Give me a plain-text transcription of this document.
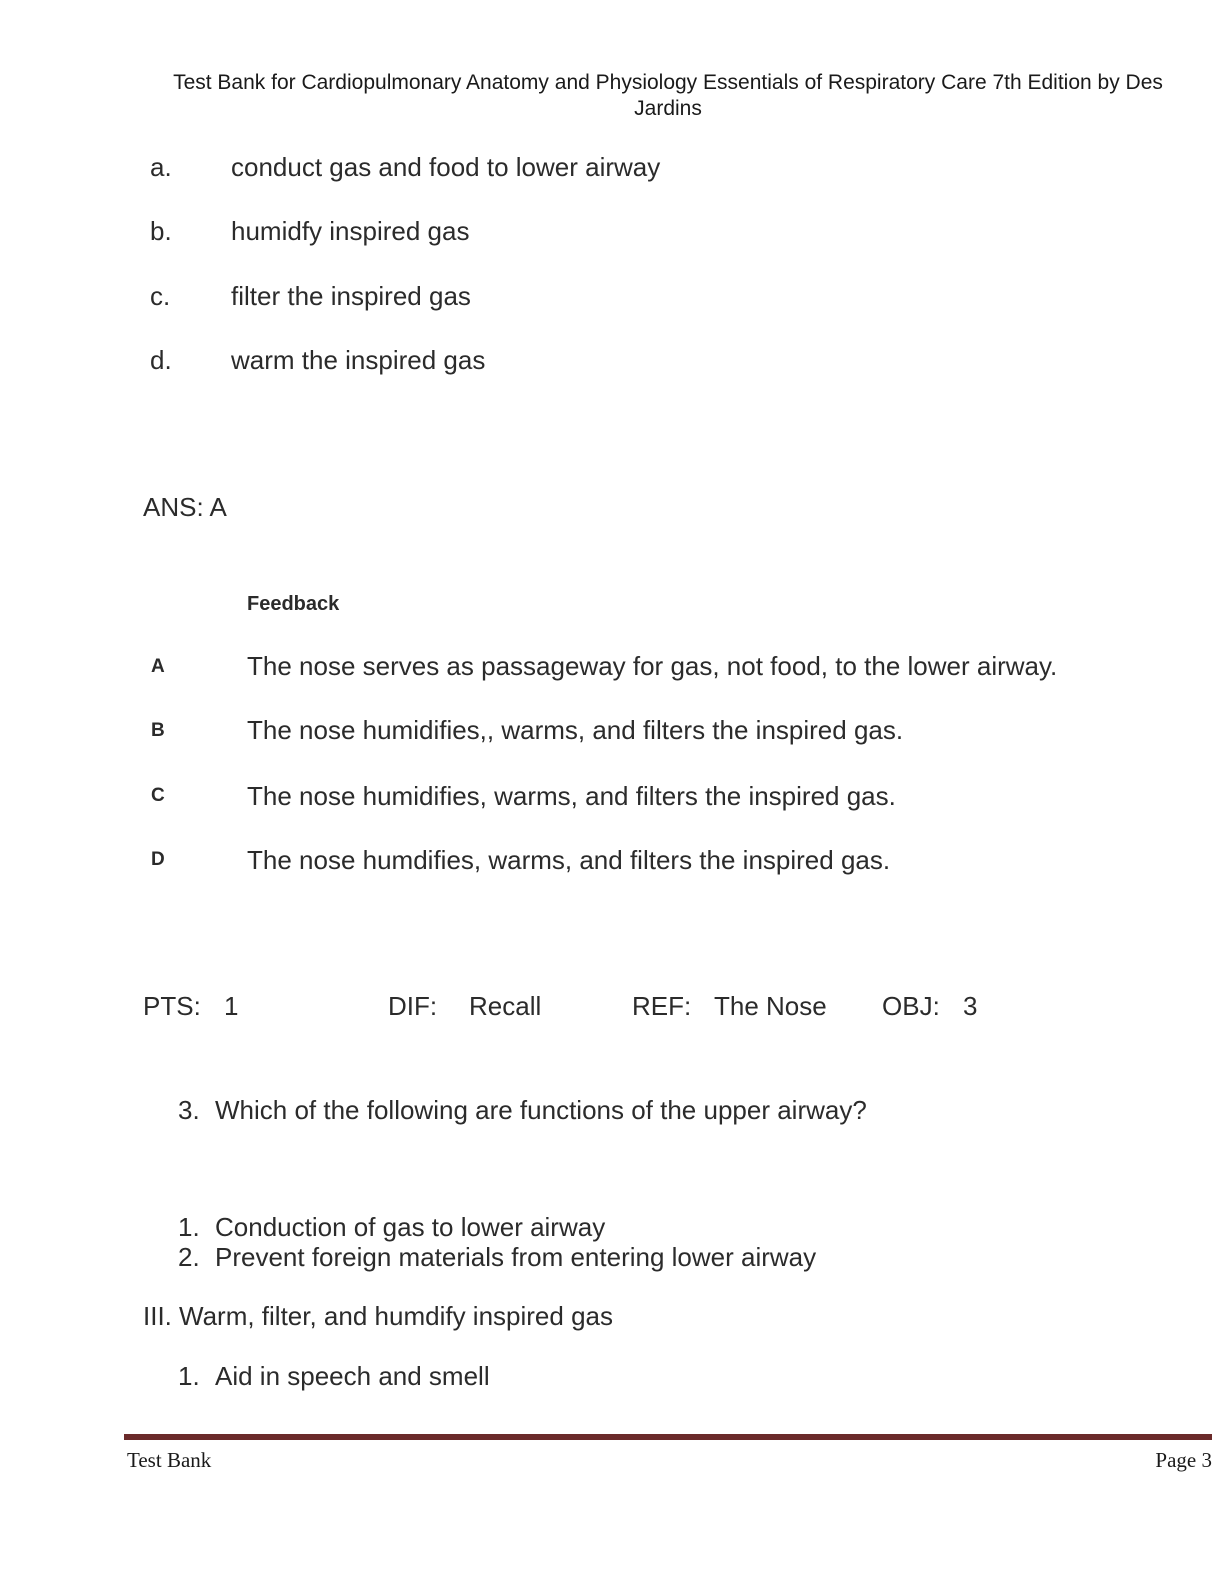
Test Bank for Cardiopulmonary Anatomy and Physiology Essentials of Respiratory Care 7th Edition by Des
Jardins
a. conduct gas and food to lower airway
b. humidfy inspired gas
c. filter the inspired gas
d. warm the inspired gas
ANS: A
Feedback
A	The nose serves as passageway for gas, not food, to the lower airway.
B	The nose humidifies,, warms, and filters the inspired gas.
C	The nose humidifies, warms, and filters the inspired gas.
D	The nose humdifies, warms, and filters the inspired gas.
PTS: 1	DIF: Recall	REF: The Nose OBJ: 3
3. Which of the following are functions of the upper airway?
1. Conduction of gas to lower airway
2. Prevent foreign materials from entering lower airway
III. Warm, filter, and humdify inspired gas
1. Aid in speech and smell
Test Bank	Page 3
